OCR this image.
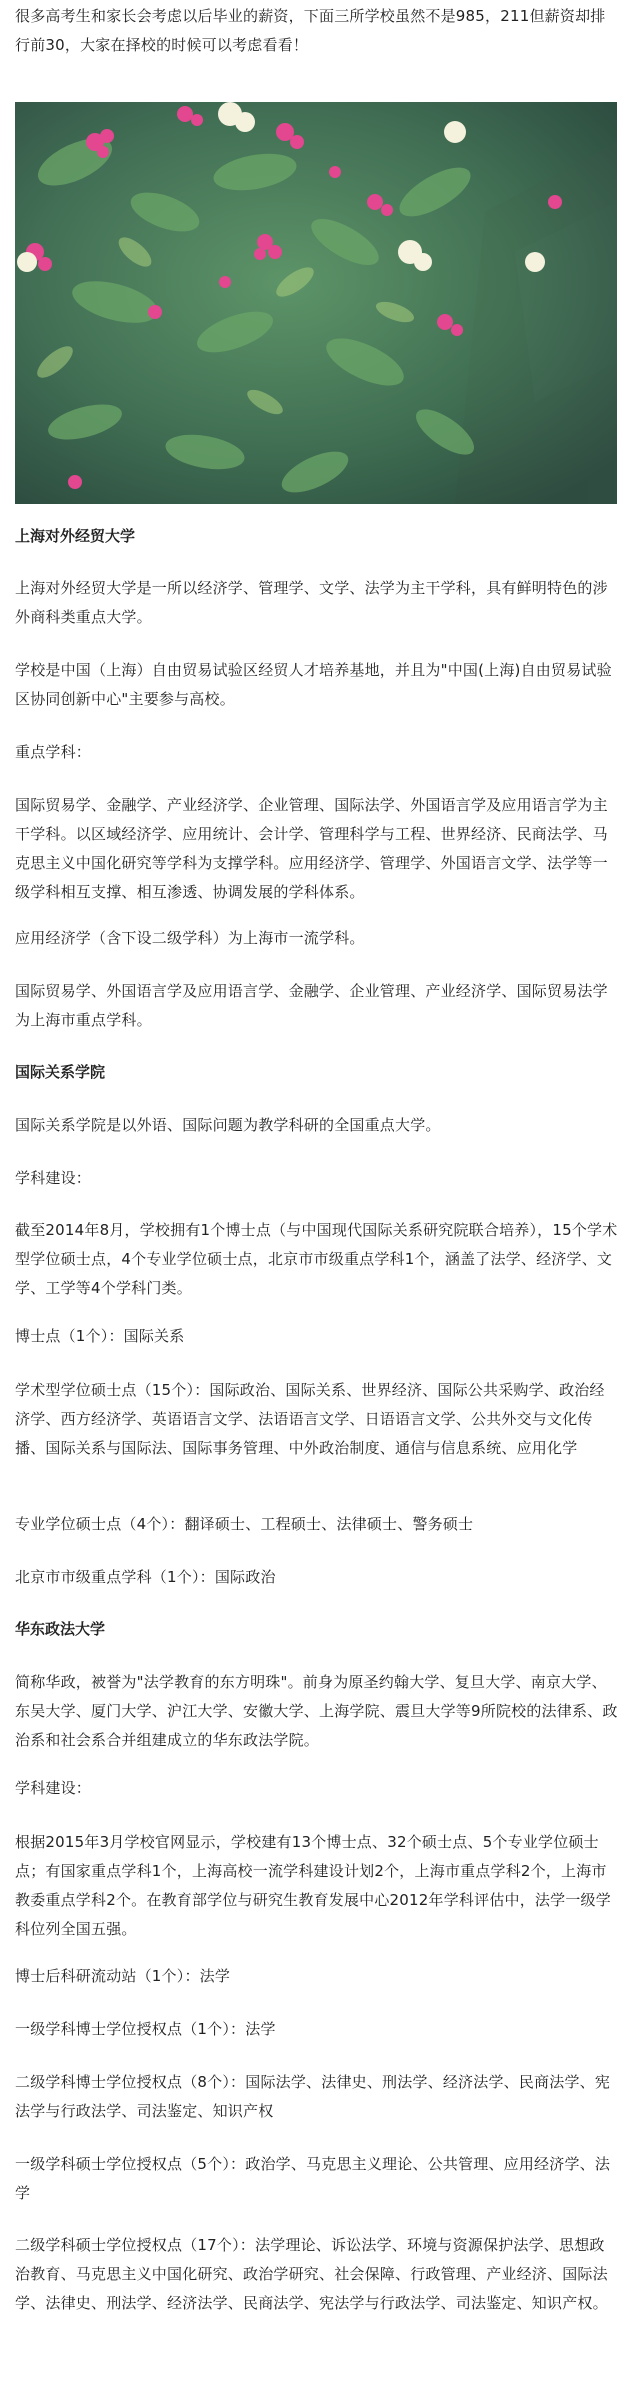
很多高考生和家长会考虑以后毕业的薪资，下面三所学校虽然不是985，211但薪资却排行前30，大家在择校的时候可以考虑看看！

上海对外经贸大学

上海对外经贸大学是一所以经济学、管理学、文学、法学为主干学科，具有鲜明特色的涉外商科类重点大学。

学校是中国（上海）自由贸易试验区经贸人才培养基地，并且为"中国(上海)自由贸易试验区协同创新中心"主要参与高校。

重点学科：

国际贸易学、金融学、产业经济学、企业管理、国际法学、外国语言学及应用语言学为主干学科。以区域经济学、应用统计、会计学、管理科学与工程、世界经济、民商法学、马克思主义中国化研究等学科为支撑学科。应用经济学、管理学、外国语言文学、法学等一级学科相互支撑、相互渗透、协调发展的学科体系。

应用经济学（含下设二级学科）为上海市一流学科。

国际贸易学、外国语言学及应用语言学、金融学、企业管理、产业经济学、国际贸易法学为上海市重点学科。

国际关系学院

国际关系学院是以外语、国际问题为教学科研的全国重点大学。

学科建设：

截至2014年8月，学校拥有1个博士点（与中国现代国际关系研究院联合培养），15个学术型学位硕士点，4个专业学位硕士点，北京市市级重点学科1个，涵盖了法学、经济学、文学、工学等4个学科门类。

博士点（1个）：国际关系

学术型学位硕士点（15个）：国际政治、国际关系、世界经济、国际公共采购学、政治经济学、西方经济学、英语语言文学、法语语言文学、日语语言文学、公共外交与文化传播、国际关系与国际法、国际事务管理、中外政治制度、通信与信息系统、应用化学

专业学位硕士点（4个）：翻译硕士、工程硕士、法律硕士、警务硕士

北京市市级重点学科（1个）：国际政治

华东政法大学

简称华政，被誉为"法学教育的东方明珠"。前身为原圣约翰大学、复旦大学、南京大学、东吴大学、厦门大学、沪江大学、安徽大学、上海学院、震旦大学等9所院校的法律系、政治系和社会系合并组建成立的华东政法学院。

学科建设：

根据2015年3月学校官网显示，学校建有13个博士点、32个硕士点、5个专业学位硕士点；有国家重点学科1个，上海高校一流学科建设计划2个，上海市重点学科2个，上海市教委重点学科2个。在教育部学位与研究生教育发展中心2012年学科评估中，法学一级学科位列全国五强。

博士后科研流动站（1个）：法学

一级学科博士学位授权点（1个）：法学

二级学科博士学位授权点（8个）：国际法学、法律史、刑法学、经济法学、民商法学、宪法学与行政法学、司法鉴定、知识产权

一级学科硕士学位授权点（5个）：政治学、马克思主义理论、公共管理、应用经济学、法学

二级学科硕士学位授权点（17个）：法学理论、诉讼法学、环境与资源保护法学、思想政治教育、马克思主义中国化研究、政治学研究、社会保障、行政管理、产业经济、国际法学、法律史、刑法学、经济法学、民商法学、宪法学与行政法学、司法鉴定、知识产权。
